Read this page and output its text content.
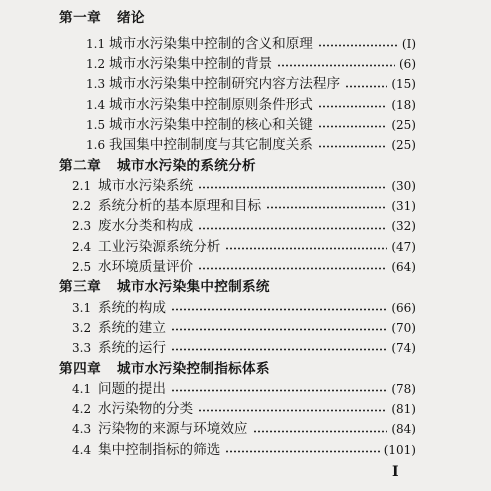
第一章 绪论
1.1 城市水污染集中控制的含义和原理	(I)
1.2 城市水污染集中控制的背景	(6)
1.3 城市水污染集中控制研究内容方法程序	(15)
1.4 城市水污染集中控制原则条件形式	(18)
1.5 城市水污染集中控制的核心和关键	(25)
1.6 我国集中控制制度与其它制度关系	(25)
第二章 城市水污染的系统分析
2.1 城市水污染系统	(30)
2.2 系统分析的基本原理和目标	(31)
2.3 废水分类和构成	(32)
2.4 工业污染源系统分析	(47)
2.5 水环境质量评价	(64)
第三章 城市水污染集中控制系统
3.1 系统的构成	(66)
3.2 系统的建立	(70)
3.3 系统的运行	(74)
第四章 城市水污染控制指标体系
4.1 问题的提出	(78)
4.2 水污染物的分类	(81)
4.3 污染物的来源与环境效应	(84)
4.4 集中控制指标的筛选	(101)
I
